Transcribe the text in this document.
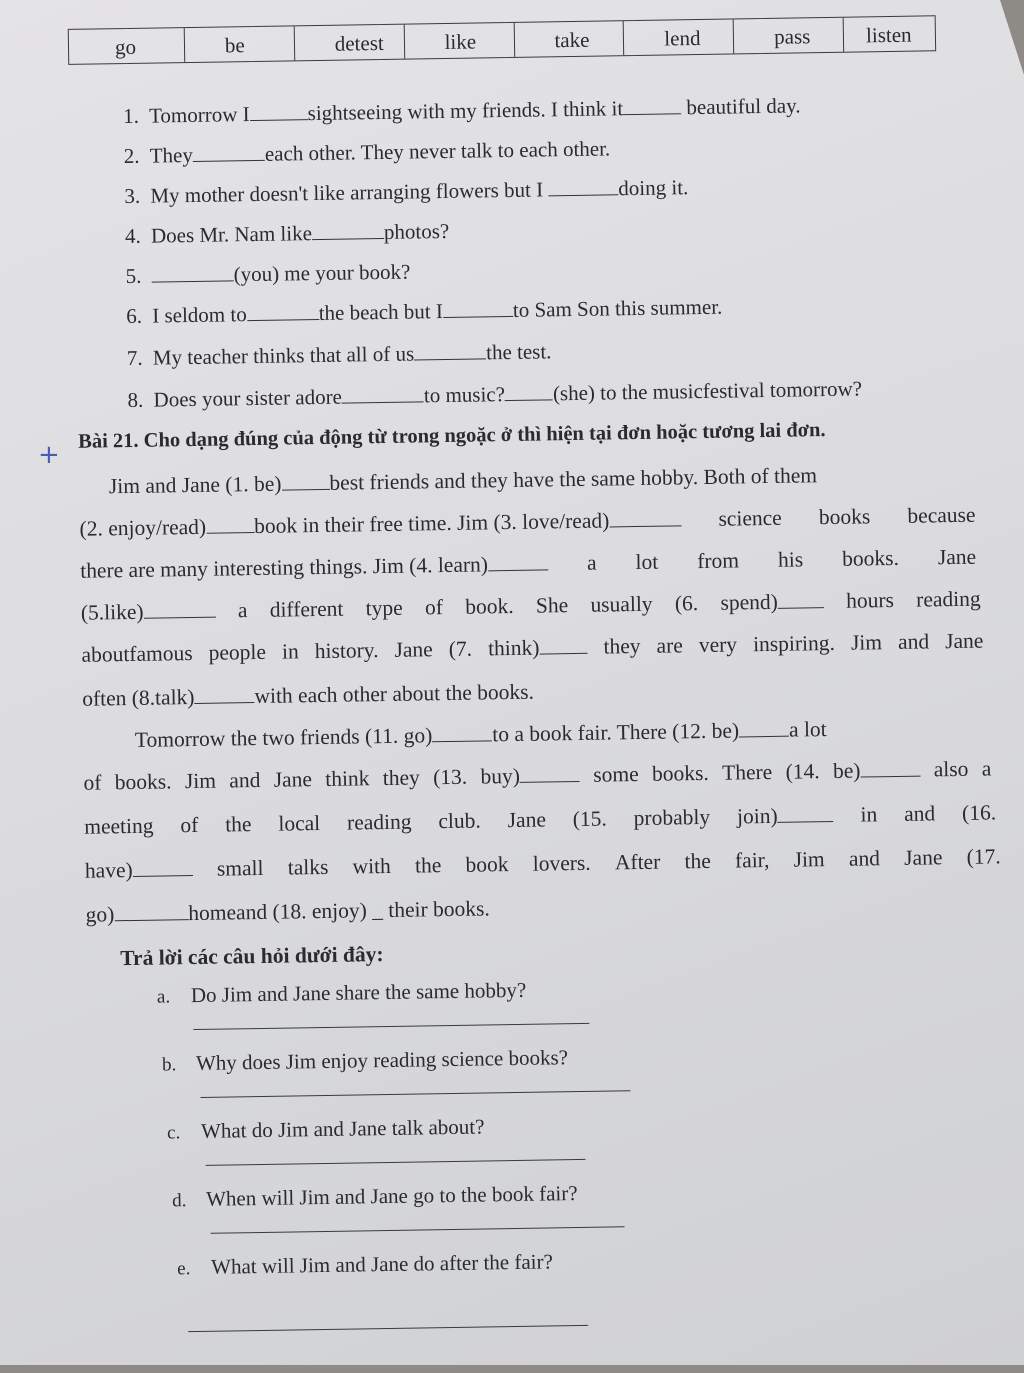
+
go	be	detest	like	take	lend	pass	listen
1. Tomorrow I	sightseeing with my friends. I think it	beautiful day.
2. They	each other. They never talk to each other.
3. My mother doesn't like arranging flowers but I	doing it.
4. Does Mr. Nam like	photos?
5.	(you) me your book?
6. I seldom to	the beach but I	to Sam Son this summer.
7. My teacher thinks that all of us	the test.
8. Does your sister adore	to music? (she) to the musicfestival tomorrow?
Bài 21. Cho dạng đúng của động từ trong ngoặc ở thì hiện tại đơn hoặc tương lai đơn.
Jim and Jane (1. be) best friends and they have the same hobby. Both of them
(2. enjoy/read) book in their free time. Jim (3. love/read)	science books because
there are many interesting things. Jim (4. learn)	a lot from his books. Jane
(5.like)	a different type of book. She usually (6. spend)	hours reading
aboutfamous people in history. Jane (7. think)	they are very inspiring. Jim and Jane
often (8.talk)	with each other about the books.
Tomorrow the two friends (11. go)	to a book fair. There (12. be) a lot
of books. Jim and Jane think they (13. buy)	some books. There (14. be)	also a
meeting of the local reading club. Jane (15. probably join)	in and (16.
have)	small talks with the book lovers. After the fair, Jim and Jane (17.
go)	homeand (18. enjoy) _ their books.
Trả lời các câu hỏi dưới đây:
a. Do Jim and Jane share the same hobby?
b. Why does Jim enjoy reading science books?
c. What do Jim and Jane talk about?
d. When will Jim and Jane go to the book fair?
e. What will Jim and Jane do after the fair?
